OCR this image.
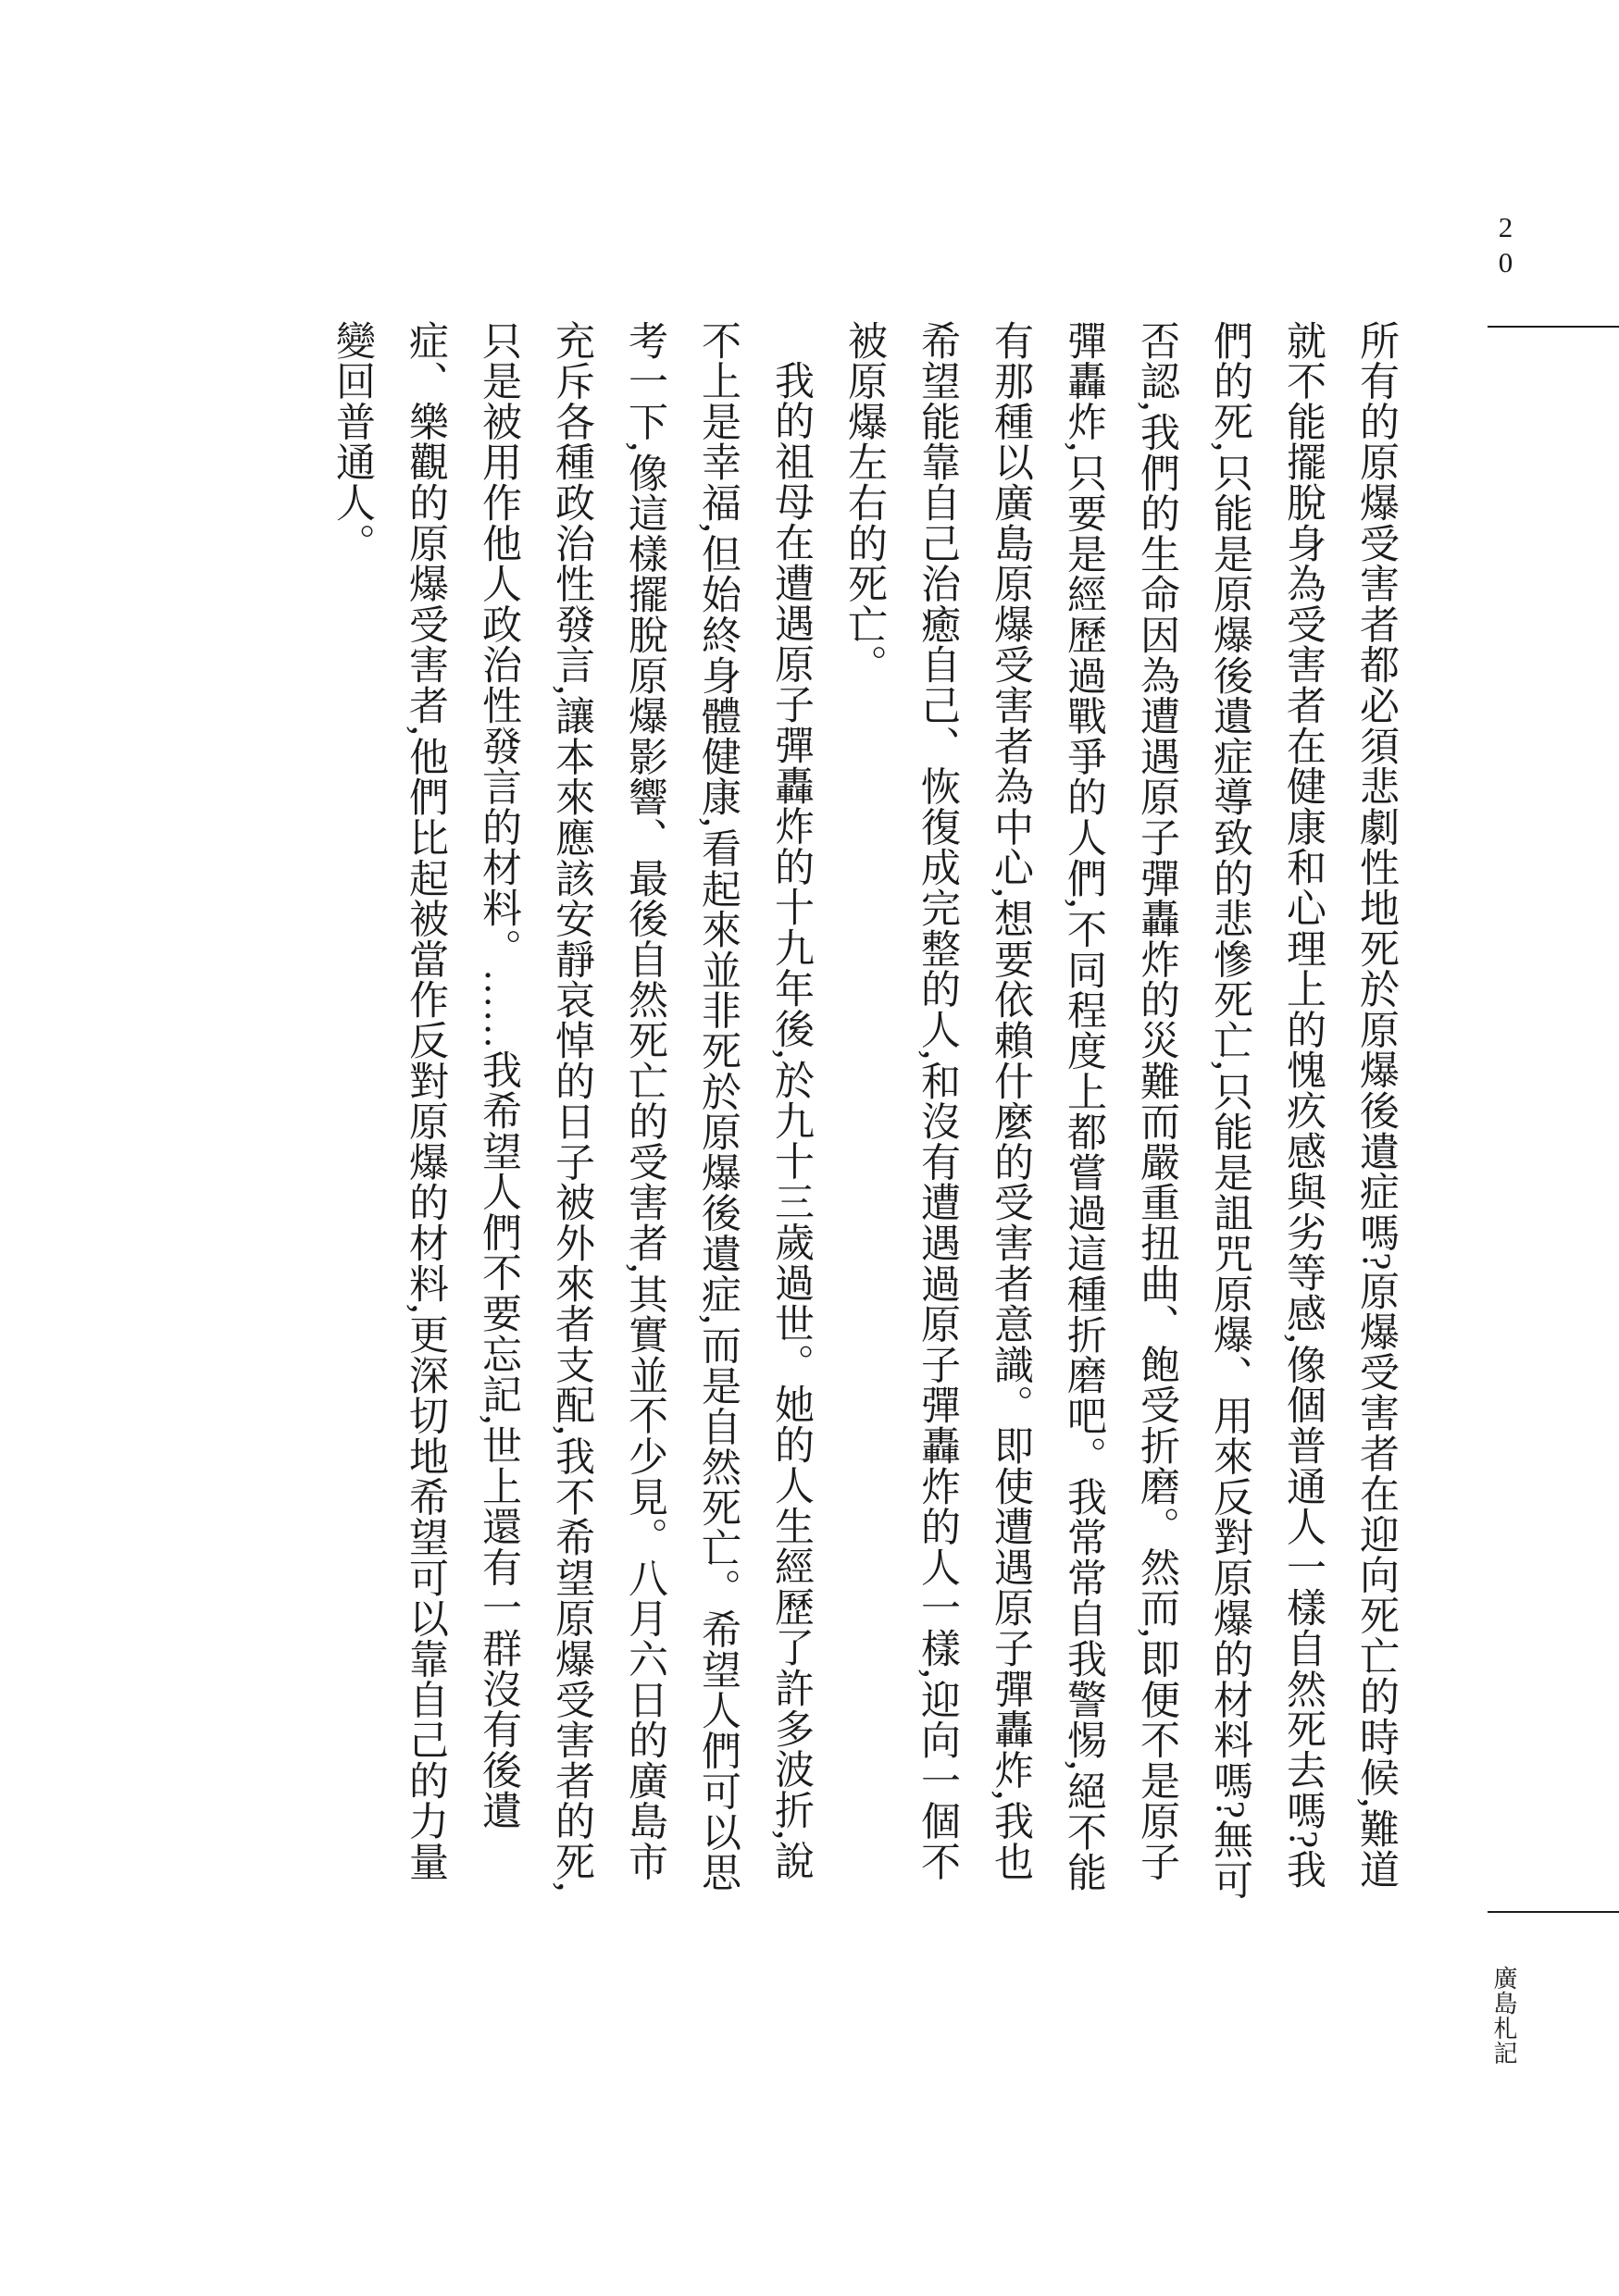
20

所有的原爆受害者都必須悲劇性地死於原爆後遺症嗎?原爆受害者在迎向死亡的時候,難道就不能擺脫身為受害者在健康和心理上的愧疚感與劣等感,像個普通人一樣自然死去嗎?我們的死,只能是原爆後遺症導致的悲慘死亡,只能是詛咒原爆、用來反對原爆的材料嗎?無可否認,我們的生命因為遭遇原子彈轟炸的災難而嚴重扭曲、飽受折磨。然而,即便不是原子彈轟炸,只要是經歷過戰爭的人們,不同程度上都嘗過這種折磨吧。我常常自我警惕,絕不能有那種以廣島原爆受害者為中心,想要依賴什麼的受害者意識。即使遭遇原子彈轟炸,我也希望能靠自己治癒自己、恢復成完整的人,和沒有遭遇過原子彈轟炸的人一樣,迎向一個不被原爆左右的死亡。

我的祖母在遭遇原子彈轟炸的十九年後,於九十三歲過世。她的人生經歷了許多波折,說不上是幸福,但始終身體健康,看起來並非死於原爆後遺症,而是自然死亡。希望人們可以思考一下,像這樣擺脫原爆影響、最後自然死亡的受害者,其實並不少見。八月六日的廣島市充斥各種政治性發言,讓本來應該安靜哀悼的日子被外來者支配,我不希望原爆受害者的死,只是被用作他人政治性發言的材料。……我希望人們不要忘記,世上還有一群沒有後遺症、樂觀的原爆受害者,他們比起被當作反對原爆的材料,更深切地希望可以靠自己的力量變回普通人。

廣島札記
